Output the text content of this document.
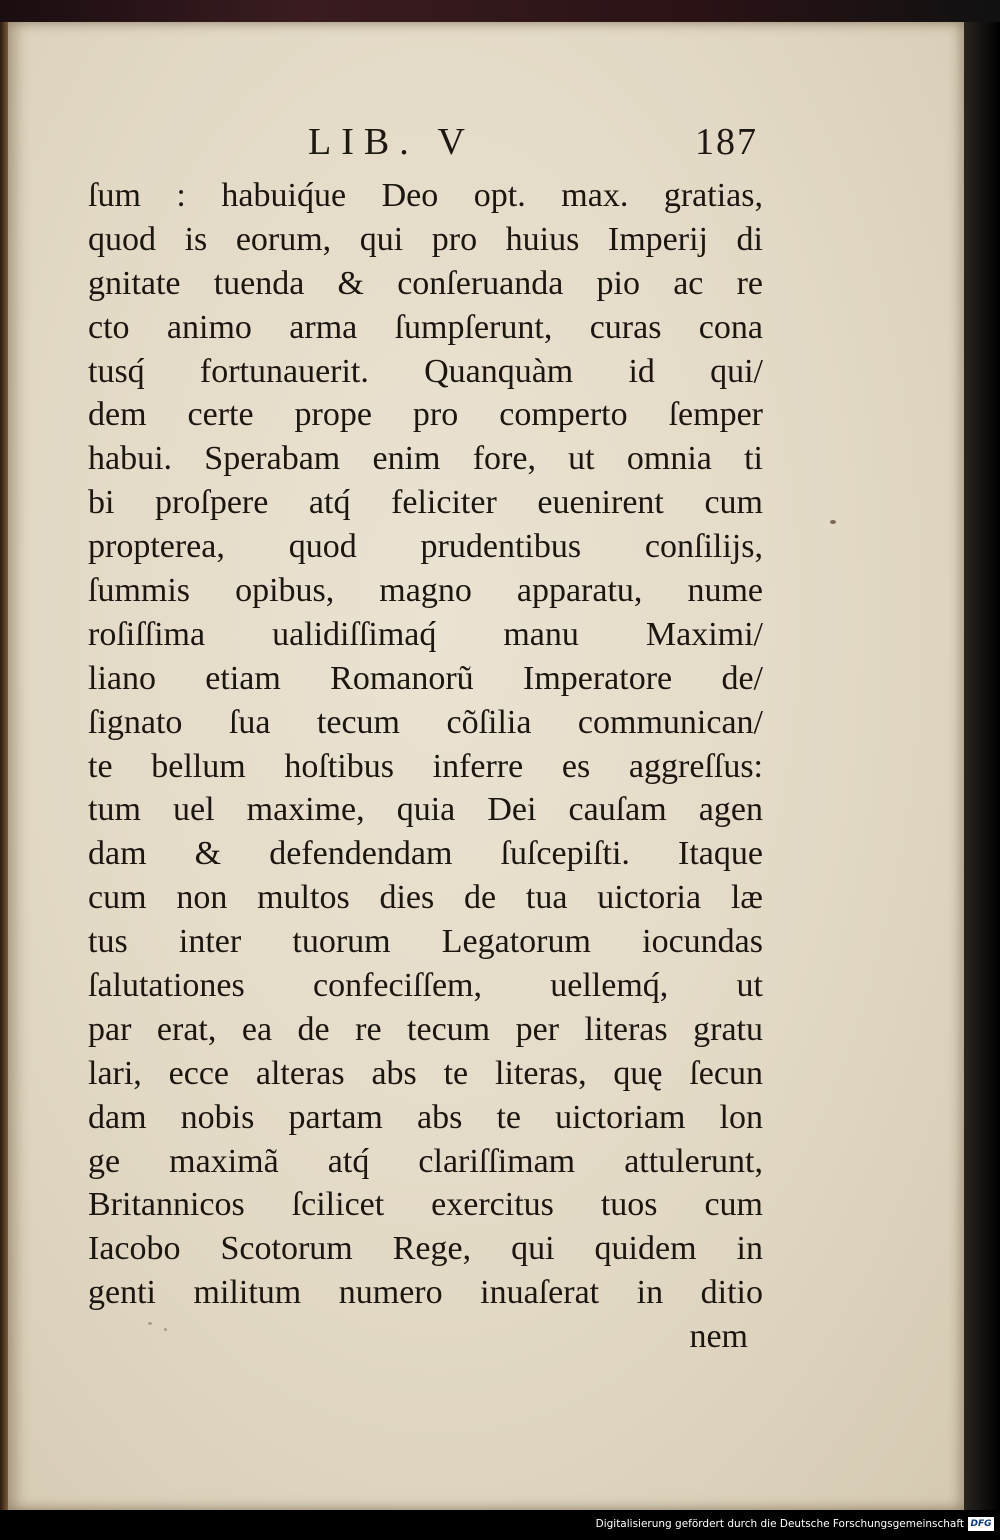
LIB. V	187
ſum : habuiq́ue Deo opt. max. gratias,
quod is eorum, qui pro huius Imperij di
gnitate tuenda & conſeruanda pio ac re
cto animo arma ſumpſerunt, curas cona
tusq́ fortunauerit. Quanquàm id qui/
dem certe prope pro comperto ſemper
habui. Sperabam enim fore, ut omnia ti
bi proſpere atq́ feliciter euenirent cum
propterea, quod prudentibus conſilijs,
ſummis opibus, magno apparatu, nume
roſiſſima ualidiſſimaq́ manu Maximi/
liano etiam Romanorũ Imperatore de/
ſignato ſua tecum cõſilia communican/
te bellum hoſtibus inferre es aggreſſus:
tum uel maxime, quia Dei cauſam agen
dam & defendendam ſuſcepiſti. Itaque
cum non multos dies de tua uictoria læ
tus inter tuorum Legatorum iocundas
ſalutationes confeciſſem, uellemq́, ut
par erat, ea de re tecum per literas gratu
lari, ecce alteras abs te literas, quę ſecun
dam nobis partam abs te uictoriam lon
ge maximã atq́ clariſſimam attulerunt,
Britannicos ſcilicet exercitus tuos cum
Iacobo Scotorum Rege, qui quidem in
genti militum numero inuaſerat in ditio
nem
Digitalisierung gefördert durch die Deutsche Forschungsgemeinschaft DFG
